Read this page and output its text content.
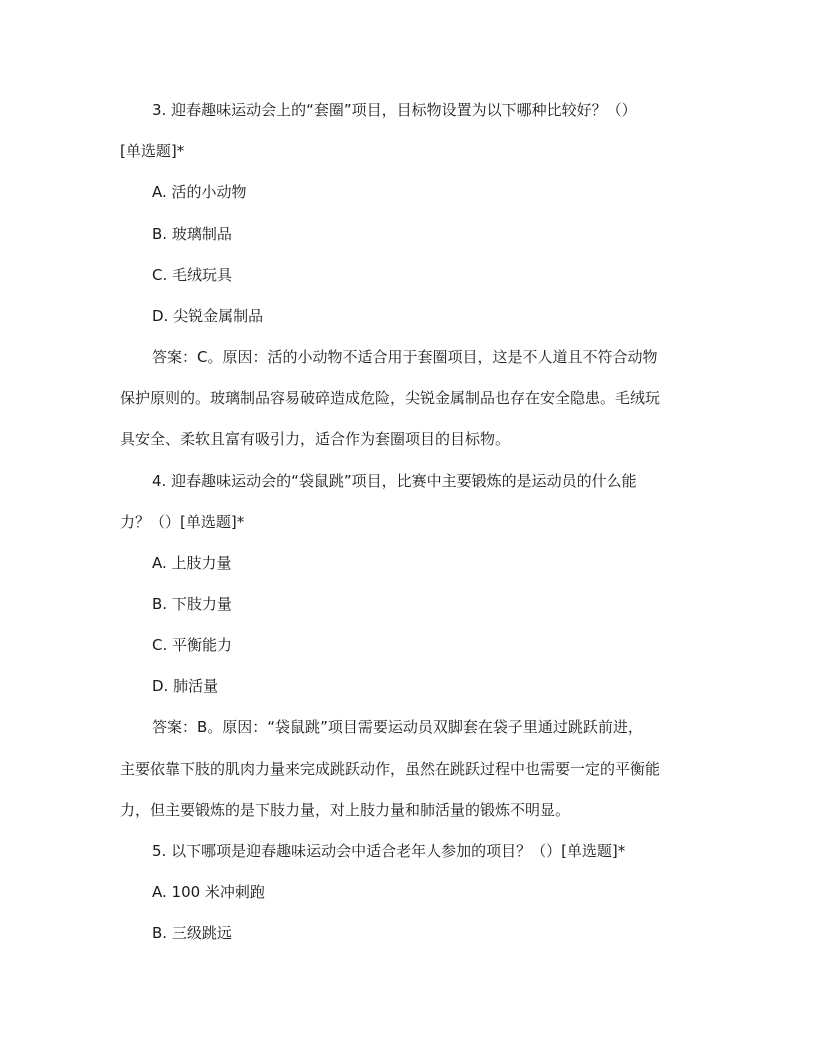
3. 迎春趣味运动会上的“套圈”项目，目标物设置为以下哪种比较好？（）
[单选题]*
A. 活的小动物
B. 玻璃制品
C. 毛绒玩具
D. 尖锐金属制品
答案：C。原因：活的小动物不适合用于套圈项目，这是不人道且不符合动物
保护原则的。玻璃制品容易破碎造成危险，尖锐金属制品也存在安全隐患。毛绒玩
具安全、柔软且富有吸引力，适合作为套圈项目的目标物。
4. 迎春趣味运动会的“袋鼠跳”项目，比赛中主要锻炼的是运动员的什么能
力？（）[单选题]*
A. 上肢力量
B. 下肢力量
C. 平衡能力
D. 肺活量
答案：B。原因：“袋鼠跳”项目需要运动员双脚套在袋子里通过跳跃前进，
主要依靠下肢的肌肉力量来完成跳跃动作，虽然在跳跃过程中也需要一定的平衡能
力，但主要锻炼的是下肢力量，对上肢力量和肺活量的锻炼不明显。
5. 以下哪项是迎春趣味运动会中适合老年人参加的项目？（）[单选题]*
A. 100 米冲刺跑
B. 三级跳远
